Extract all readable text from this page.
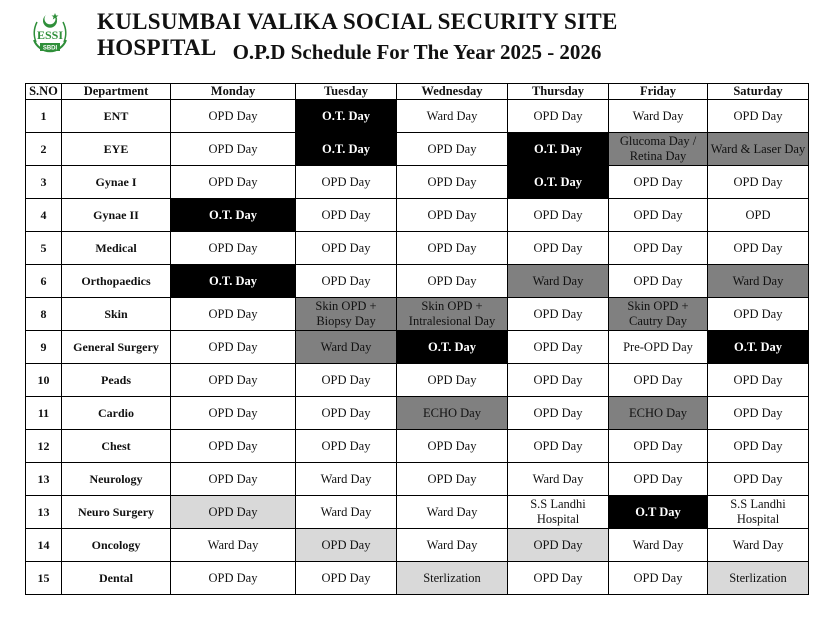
ESSI
SBDI
KULSUMBAI VALIKA SOCIAL SECURITY SITE HOSPITAL O.P.D Schedule For The Year 2025 - 2026
S.NO	Department	Monday	Tuesday	Wednesday	Thursday	Friday	Saturday
1	ENT	OPD Day	O.T. Day	Ward Day	OPD Day	Ward Day	OPD Day
2	EYE	OPD Day	O.T. Day	OPD Day	O.T. Day	Glucoma Day / Retina Day	Ward & Laser Day
3	Gynae I	OPD Day	OPD Day	OPD Day	O.T. Day	OPD Day	OPD Day
4	Gynae II	O.T. Day	OPD Day	OPD Day	OPD Day	OPD Day	OPD
5	Medical	OPD Day	OPD Day	OPD Day	OPD Day	OPD Day	OPD Day
6	Orthopaedics	O.T. Day	OPD Day	OPD Day	Ward Day	OPD Day	Ward Day
8	Skin	OPD Day	Skin OPD + Biopsy Day	Skin OPD + Intralesional Day	OPD Day	Skin OPD + Cautry Day	OPD Day
9	General Surgery	OPD Day	Ward Day	O.T. Day	OPD Day	Pre-OPD Day	O.T. Day
10	Peads	OPD Day	OPD Day	OPD Day	OPD Day	OPD Day	OPD Day
11	Cardio	OPD Day	OPD Day	ECHO Day	OPD Day	ECHO Day	OPD Day
12	Chest	OPD Day	OPD Day	OPD Day	OPD Day	OPD Day	OPD Day
13	Neurology	OPD Day	Ward Day	OPD Day	Ward Day	OPD Day	OPD Day
13	Neuro Surgery	OPD Day	Ward Day	Ward Day	S.S Landhi Hospital	O.T Day	S.S Landhi Hospital
14	Oncology	Ward Day	OPD Day	Ward Day	OPD Day	Ward Day	Ward Day
15	Dental	OPD Day	OPD Day	Sterlization	OPD Day	OPD Day	Sterlization
